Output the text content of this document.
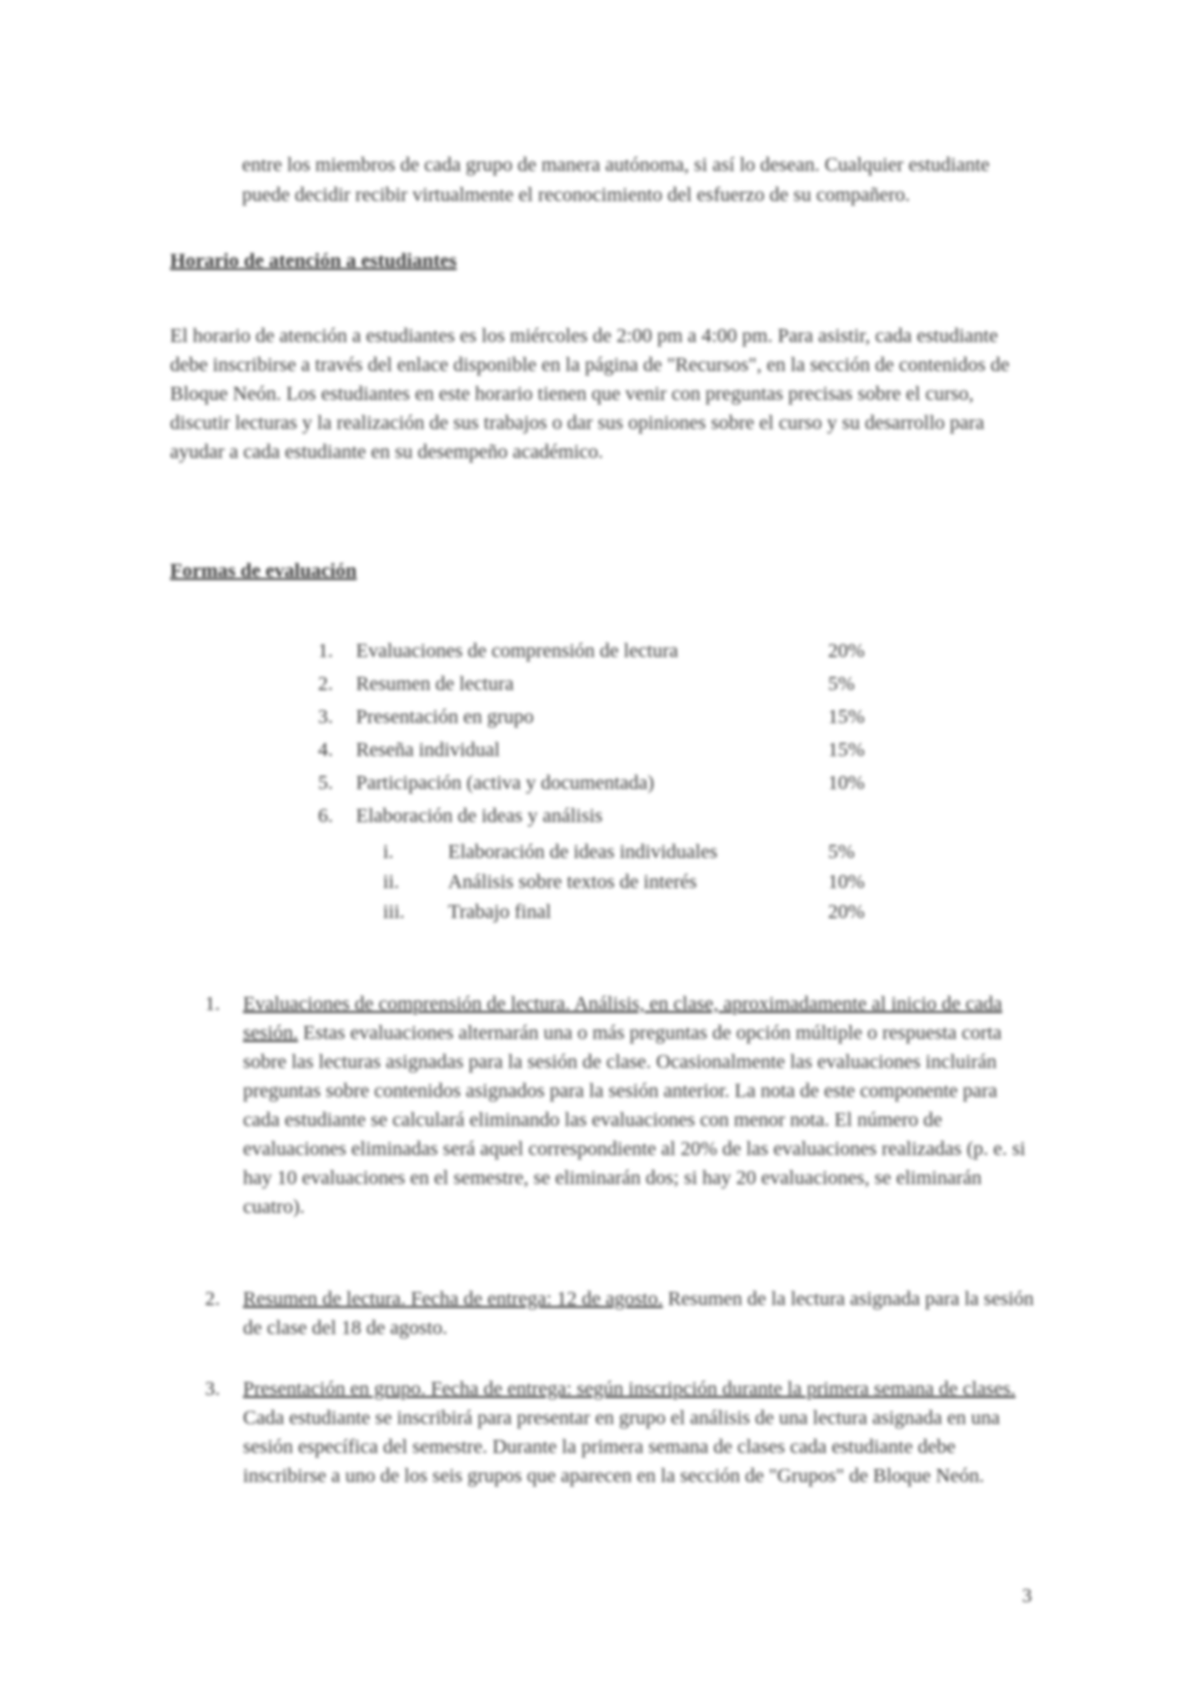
entre los miembros de cada grupo de manera autónoma, si así lo desean. Cualquier estudiante puede decidir recibir virtualmente el reconocimiento del esfuerzo de su compañero.

Horario de atención a estudiantes

El horario de atención a estudiantes es los miércoles de 2:00 pm a 4:00 pm. Para asistir, cada estudiante debe inscribirse a través del enlace disponible en la página de "Recursos", en la sección de contenidos de Bloque Neón. Los estudiantes en este horario tienen que venir con preguntas precisas sobre el curso, discutir lecturas y la realización de sus trabajos o dar sus opiniones sobre el curso y su desarrollo para ayudar a cada estudiante en su desempeño académico.

Formas de evaluación
1.	Evaluaciones de comprensión de lectura	20%
2.	Resumen de lectura	5%
3.	Presentación en grupo	15%
4.	Reseña individual	15%
5.	Participación (activa y documentada)	10%
6.	Elaboración de ideas y análisis
i.	Elaboración de ideas individuales	5%
ii.	Análisis sobre textos de interés	10%
iii.	Trabajo final	20%
1. Evaluaciones de comprensión de lectura. Análisis, en clase, aproximadamente al inicio de cada sesión. Estas evaluaciones alternarán una o más preguntas de opción múltiple o respuesta corta sobre las lecturas asignadas para la sesión de clase. Ocasionalmente las evaluaciones incluirán preguntas sobre contenidos asignados para la sesión anterior. La nota de este componente para cada estudiante se calculará eliminando las evaluaciones con menor nota. El número de evaluaciones eliminadas será aquel correspondiente al 20% de las evaluaciones realizadas (p. e. si hay 10 evaluaciones en el semestre, se eliminarán dos; si hay 20 evaluaciones, se eliminarán cuatro).

2. Resumen de lectura. Fecha de entrega: 12 de agosto. Resumen de la lectura asignada para la sesión de clase del 18 de agosto.

3. Presentación en grupo. Fecha de entrega: según inscripción durante la primera semana de clases. Cada estudiante se inscribirá para presentar en grupo el análisis de una lectura asignada en una sesión específica del semestre. Durante la primera semana de clases cada estudiante debe inscribirse a uno de los seis grupos que aparecen en la sección de "Grupos" de Bloque Neón.

3
